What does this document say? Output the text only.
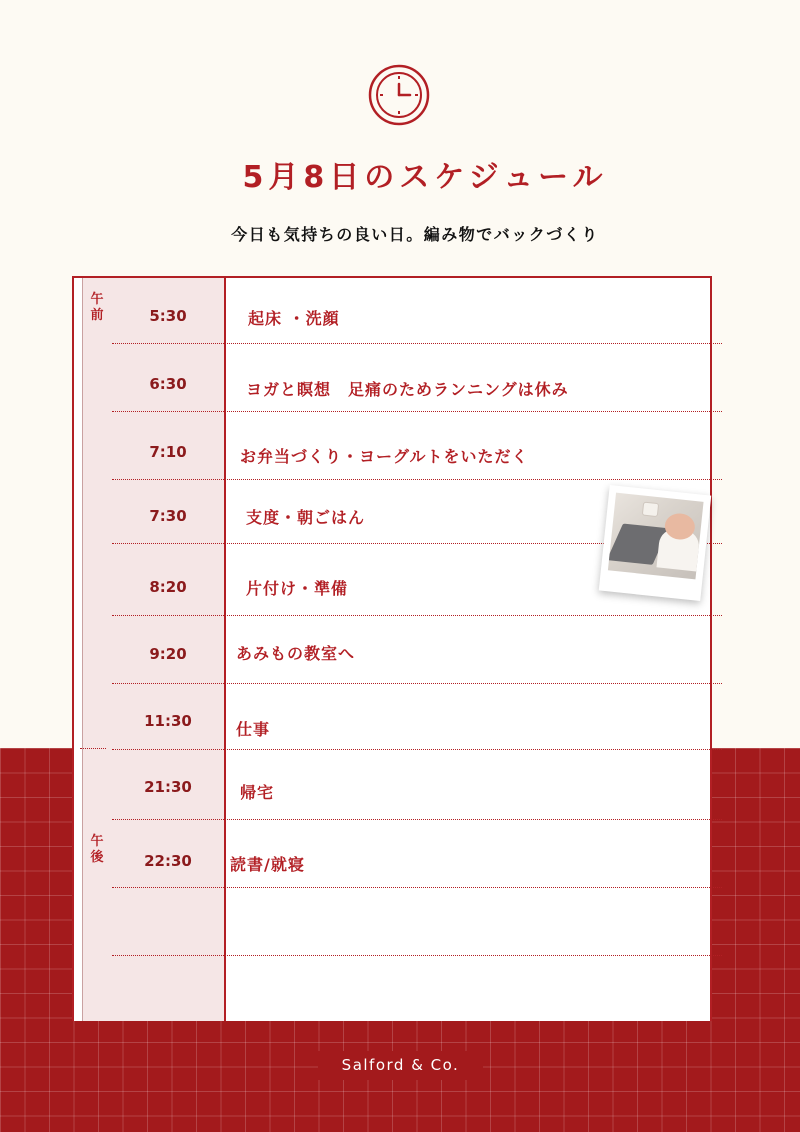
5月8日のスケジュール
今日も気持ちの良い日。編み物でバックづくり
午
前
午
後
5:30	起床 ・洗顔
6:30	ヨガと瞑想　足痛のためランニングは休み
7:10	お弁当づくり・ヨーグルトをいただく
7:30	支度・朝ごはん
8:20	片付け・準備
9:20	あみもの教室へ
11:30	仕事
21:30	帰宅
22:30	読書/就寝
Salford & Co.
